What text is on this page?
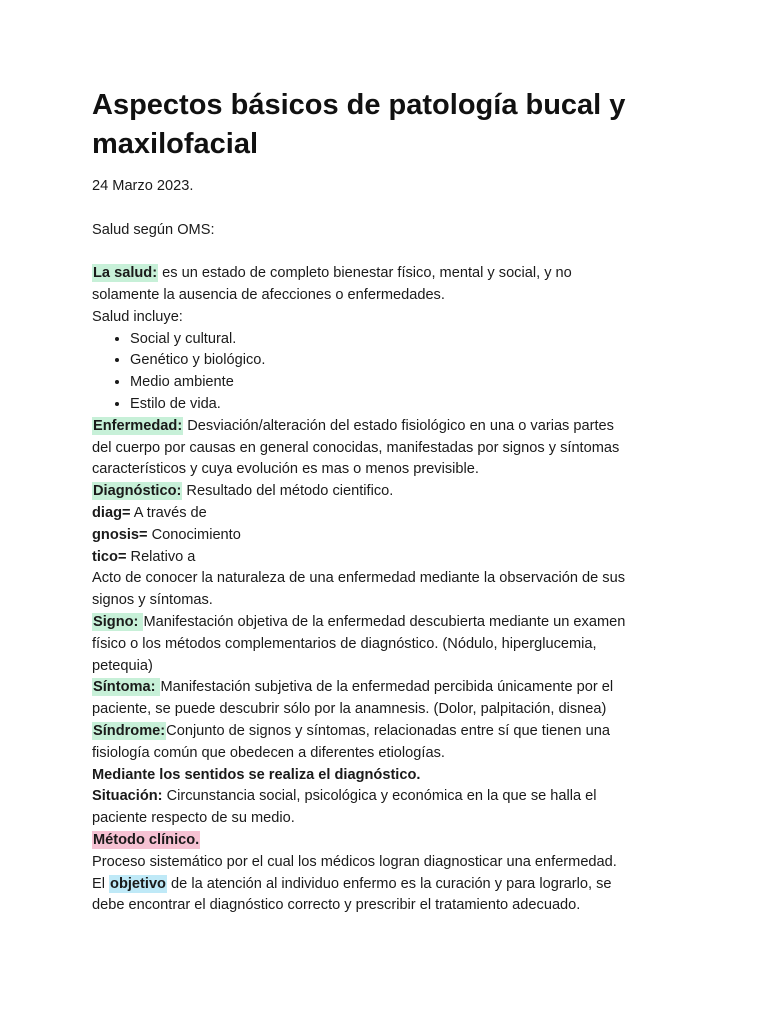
Aspectos básicos de patología bucal y maxilofacial
24 Marzo 2023.
Salud según OMS:
La salud: es un estado de completo bienestar físico, mental y social, y no
solamente la ausencia de afecciones o enfermedades.
Salud incluye:
• Social y cultural.
• Genético y biológico.
• Medio ambiente
• Estilo de vida.
Enfermedad: Desviación/alteración del estado fisiológico en una o varias partes
del cuerpo por causas en general conocidas, manifestadas por signos y síntomas
característicos y cuya evolución es mas o menos previsible.
Diagnóstico: Resultado del método cientifico.
diag= A través de
gnosis= Conocimiento
tico= Relativo a
Acto de conocer la naturaleza de una enfermedad mediante la observación de sus
signos y síntomas.
Signo: Manifestación objetiva de la enfermedad descubierta mediante un examen
físico o los métodos complementarios de diagnóstico. (Nódulo, hiperglucemia,
petequia)
Síntoma: Manifestación subjetiva de la enfermedad percibida únicamente por el
paciente, se puede descubrir sólo por la anamnesis. (Dolor, palpitación, disnea)
Síndrome:Conjunto de signos y síntomas, relacionadas entre sí que tienen una
fisiología común que obedecen a diferentes etiologías.
Mediante los sentidos se realiza el diagnóstico.
Situación: Circunstancia social, psicológica y económica en la que se halla el
paciente respecto de su medio.
Método clínico.
Proceso sistemático por el cual los médicos logran diagnosticar una enfermedad.
El objetivo de la atención al individuo enfermo es la curación y para lograrlo, se
debe encontrar el diagnóstico correcto y prescribir el tratamiento adecuado.
